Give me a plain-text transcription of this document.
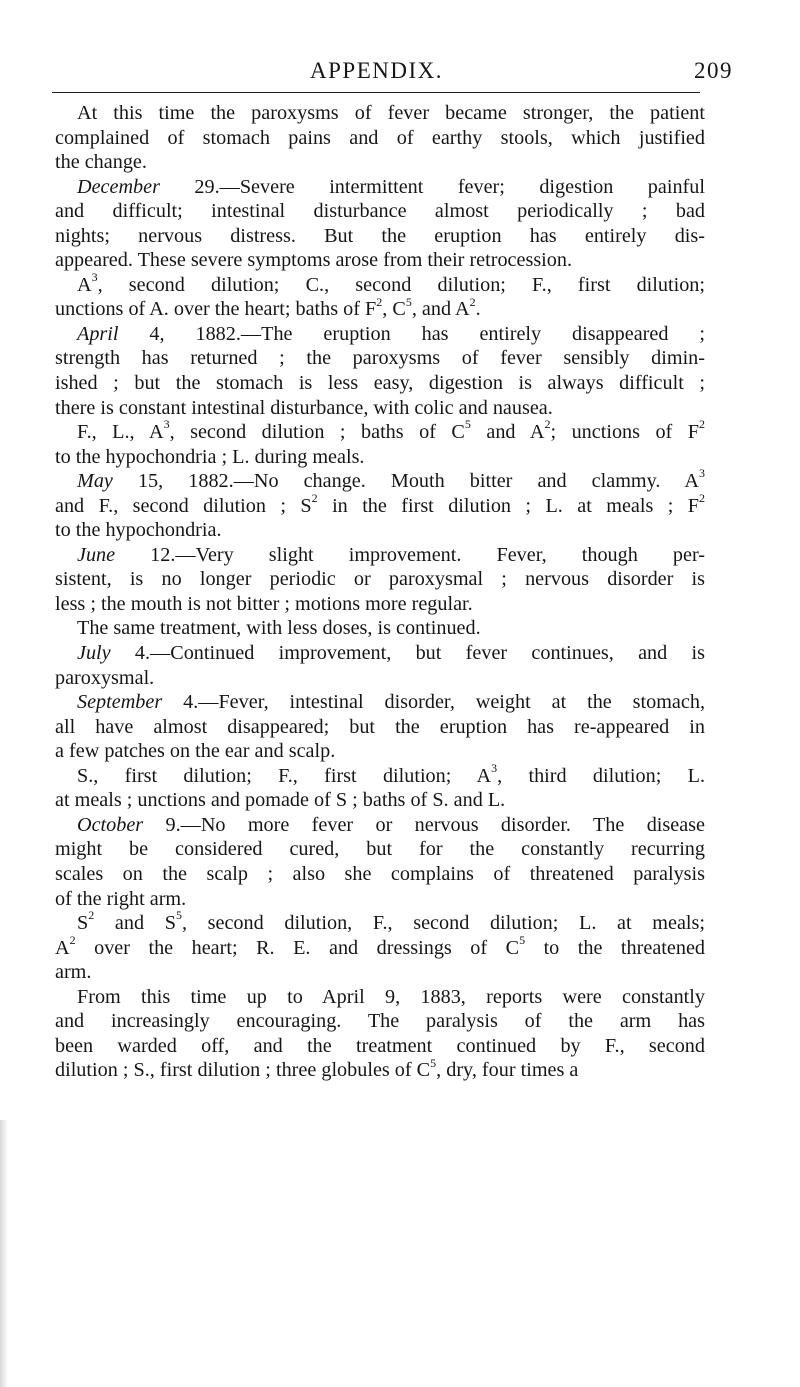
APPENDIX.	209
At this time the paroxysms of fever became stronger, the patient
complained of stomach pains and of earthy stools, which justified
the change.
December 29.—Severe intermittent fever; digestion painful
and difficult; intestinal disturbance almost periodically ; bad
nights; nervous distress. But the eruption has entirely dis-
appeared. These severe symptoms arose from their retrocession.
$A^3$, second dilution; C., second dilution; F., first dilution;
unctions of A. over the heart; baths of $F^2$, $C^5$, and $A^2$.
April 4, 1882.—The eruption has entirely disappeared ;
strength has returned ; the paroxysms of fever sensibly dimin-
ished ; but the stomach is less easy, digestion is always difficult ;
there is constant intestinal disturbance, with colic and nausea.
F., L., $A^3$, second dilution ; baths of $C^5$ and $A^2$; unctions of $F^2$
to the hypochondria ; L. during meals.
May 15, 1882.—No change. Mouth bitter and clammy. $A^3$
and F., second dilution ; $S^2$ in the first dilution ; L. at meals ; $F^2$
to the hypochondria.
June 12.—Very slight improvement. Fever, though per-
sistent, is no longer periodic or paroxysmal ; nervous disorder is
less ; the mouth is not bitter ; motions more regular.
The same treatment, with less doses, is continued.
July 4.—Continued improvement, but fever continues, and is
paroxysmal.
September 4.—Fever, intestinal disorder, weight at the stomach,
all have almost disappeared; but the eruption has re-appeared in
a few patches on the ear and scalp.
S., first dilution; F., first dilution; $A^3$, third dilution; L.
at meals ; unctions and pomade of S ; baths of S. and L.
October 9.—No more fever or nervous disorder. The disease
might be considered cured, but for the constantly recurring
scales on the scalp ; also she complains of threatened paralysis
of the right arm.
$S^2$ and $S^5$, second dilution, F., second dilution; L. at meals;
$A^2$ over the heart; R. E. and dressings of $C^5$ to the threatened
arm.
From this time up to April 9, 1883, reports were constantly
and increasingly encouraging. The paralysis of the arm has
been warded off, and the treatment continued by F., second
dilution ; S., first dilution ; three globules of $C^5$, dry, four times a
